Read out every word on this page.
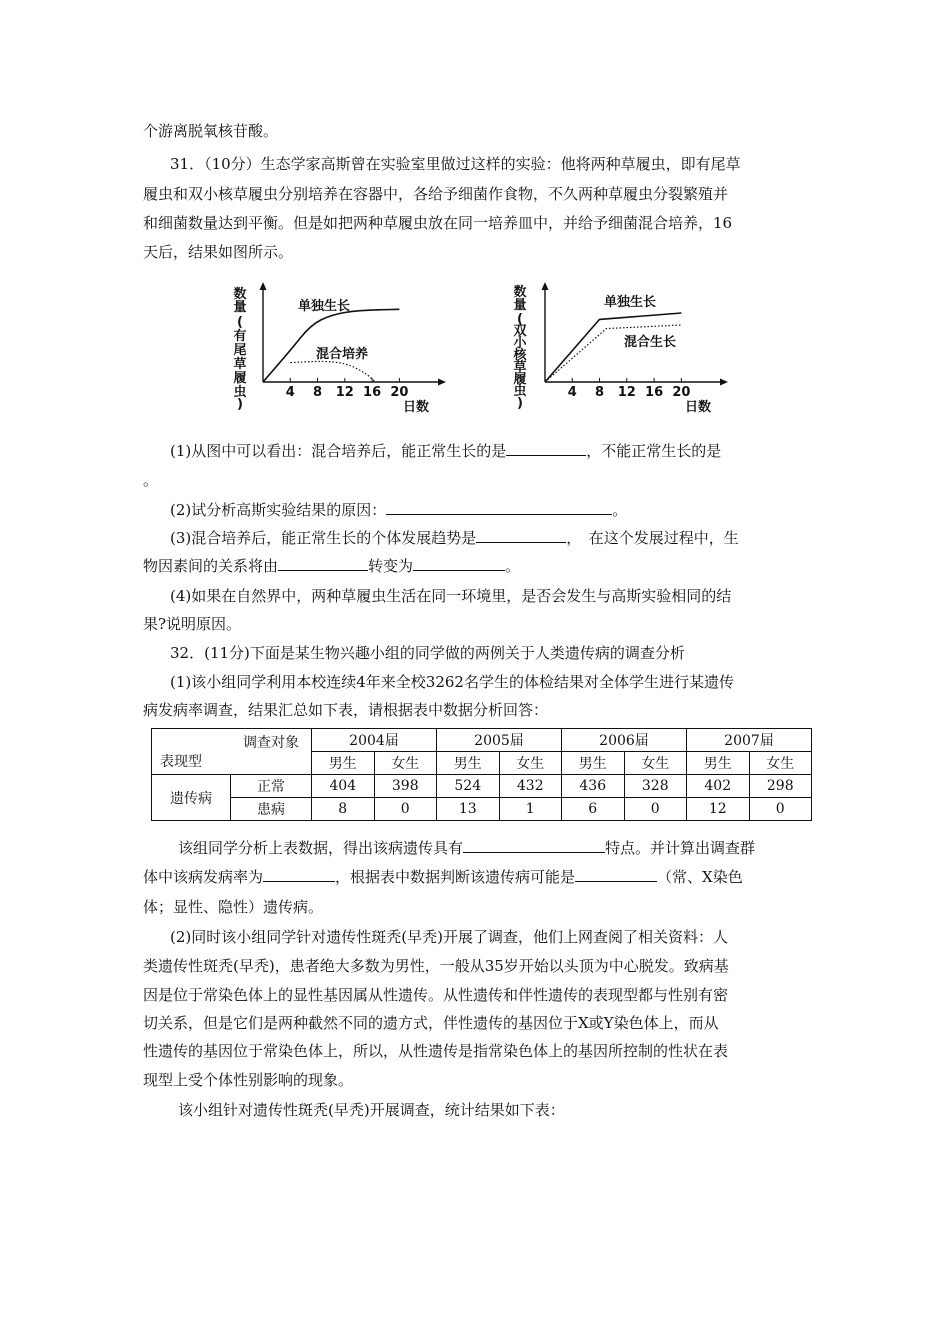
个游离脱氧核苷酸。
31．（10分）生态学家高斯曾在实验室里做过这样的实验：他将两种草履虫，即有尾草
履虫和双小核草履虫分别培养在容器中，各给予细菌作食物，不久两种草履虫分裂繁殖并
和细菌数量达到平衡。但是如把两种草履虫放在同一培养皿中，并给予细菌混合培养，16
天后，结果如图所示。
数
量
(
有
尾
草
履
虫
)
4 8 12 16 20
日数
单独生长
混合培养
数
量
(
双
小
核
草
履
虫
)
4 8 12 16 20
日数
单独生长
混合生长
(1)从图中可以看出：混合培养后，能正常生长的是	，不能正常生长的是
。
(2)试分析高斯实验结果的原因：	。
(3)混合培养后，能正常生长的个体发展趋势是	，　在这个发展过程中，生
物因素间的关系将由	转变为	。
(4)如果在自然界中，两种草履虫生活在同一环境里，是否会发生与高斯实验相同的结
果?说明原因。
32．(11分)下面是某生物兴趣小组的同学做的两例关于人类遗传病的调查分析
(1)该小组同学利用本校连续4年来全校3262名学生的体检结果对全体学生进行某遗传
病发病率调查，结果汇总如下表，请根据表中数据分析回答：
调查对象
表现型		2004届		2005届		2006届		2007届	
		男生	女生	男生	女生	男生	女生	男生	女生
遗传病	正常	404	398	524	432	436	328	402	298
	患病	8	0	13	1	6	0	12	0
该组同学分析上表数据，得出该病遗传具有	特点。并计算出调查群
体中该病发病率为	，根据表中数据判断该遗传病可能是	（常、X染色
体；显性、隐性）遗传病。
(2)同时该小组同学针对遗传性斑秃(早秃)开展了调查，他们上网查阅了相关资料：人
类遗传性斑秃(早秃)，患者绝大多数为男性，一般从35岁开始以头顶为中心脱发。致病基
因是位于常染色体上的显性基因属从性遗传。从性遗传和伴性遗传的表现型都与性别有密
切关系，但是它们是两种截然不同的遗方式，伴性遗传的基因位于X或Y染色体上，而从
性遗传的基因位于常染色体上，所以，从性遗传是指常染色体上的基因所控制的性状在表
现型上受个体性别影响的现象。
该小组针对遗传性斑秃(早秃)开展调查，统计结果如下表：
